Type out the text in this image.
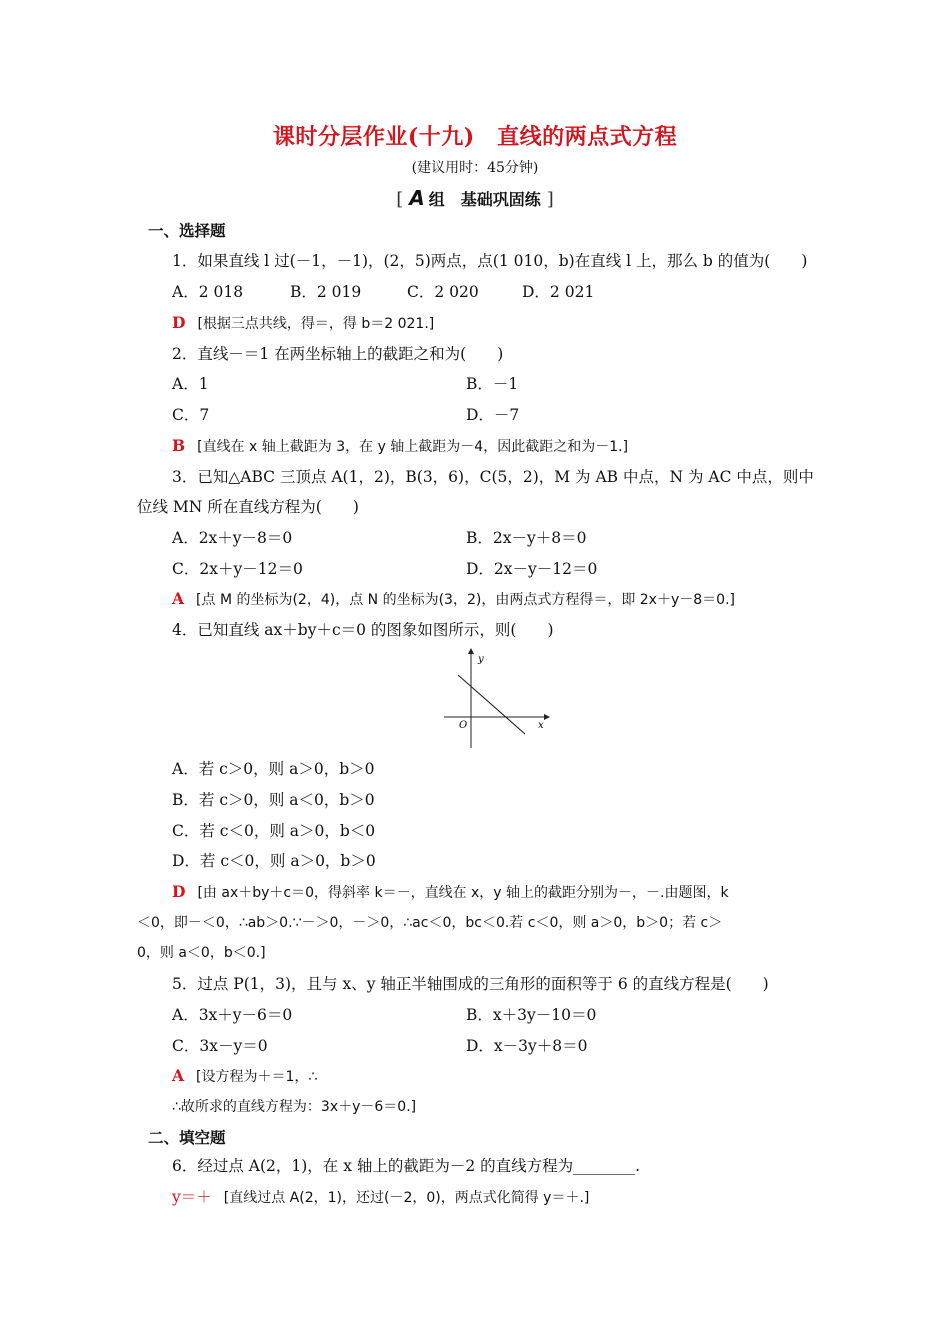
课时分层作业(十九)　直线的两点式方程
(建议用时：45分钟)
[ A 组　基础巩固练 ]
一、选择题
1．如果直线 l 过(－1，－1)，(2，5)两点，点(1 010，b)在直线 l 上，那么 b 的值为(　　)
A．2 018	B．2 019	C．2 020	D．2 021
D [根据三点共线，得＝，得 b＝2 021.]
2．直线－＝1 在两坐标轴上的截距之和为(　　)
A．1	B．－1
C．7	D．－7
B [直线在 x 轴上截距为 3，在 y 轴上截距为－4，因此截距之和为－1.]
3．已知△ABC 三顶点 A(1，2)，B(3，6)，C(5，2)，M 为 AB 中点，N 为 AC 中点，则中
位线 MN 所在直线方程为(　　)
A．2x＋y－8＝0	B．2x－y＋8＝0
C．2x＋y－12＝0	D．2x－y－12＝0
A [点 M 的坐标为(2，4)，点 N 的坐标为(3，2)，由两点式方程得＝，即 2x＋y－8＝0.]
4．已知直线 ax＋by＋c＝0 的图象如图所示，则(　　)
y
x
O
A．若 c＞0，则 a＞0，b＞0
B．若 c＞0，则 a＜0，b＞0
C．若 c＜0，则 a＞0，b＜0
D．若 c＜0，则 a＞0，b＞0
D [由 ax＋by＋c＝0，得斜率 k＝－，直线在 x，y 轴上的截距分别为－，－.由题图，k
＜0，即－＜0，∴ab＞0.∵－＞0，－＞0，∴ac＜0，bc＜0.若 c＜0，则 a＞0，b＞0；若 c＞
0，则 a＜0，b＜0.]
5．过点 P(1，3)，且与 x、y 轴正半轴围成的三角形的面积等于 6 的直线方程是(　　)
A．3x＋y－6＝0	B．x＋3y－10＝0
C．3x－y＝0	D．x－3y＋8＝0
A [设方程为＋＝1，∴
∴故所求的直线方程为：3x＋y－6＝0.]
二、填空题
6．经过点 A(2，1)，在 x 轴上的截距为－2 的直线方程为________.
y＝＋ [直线过点 A(2，1)，还过(－2，0)，两点式化简得 y＝＋.]
